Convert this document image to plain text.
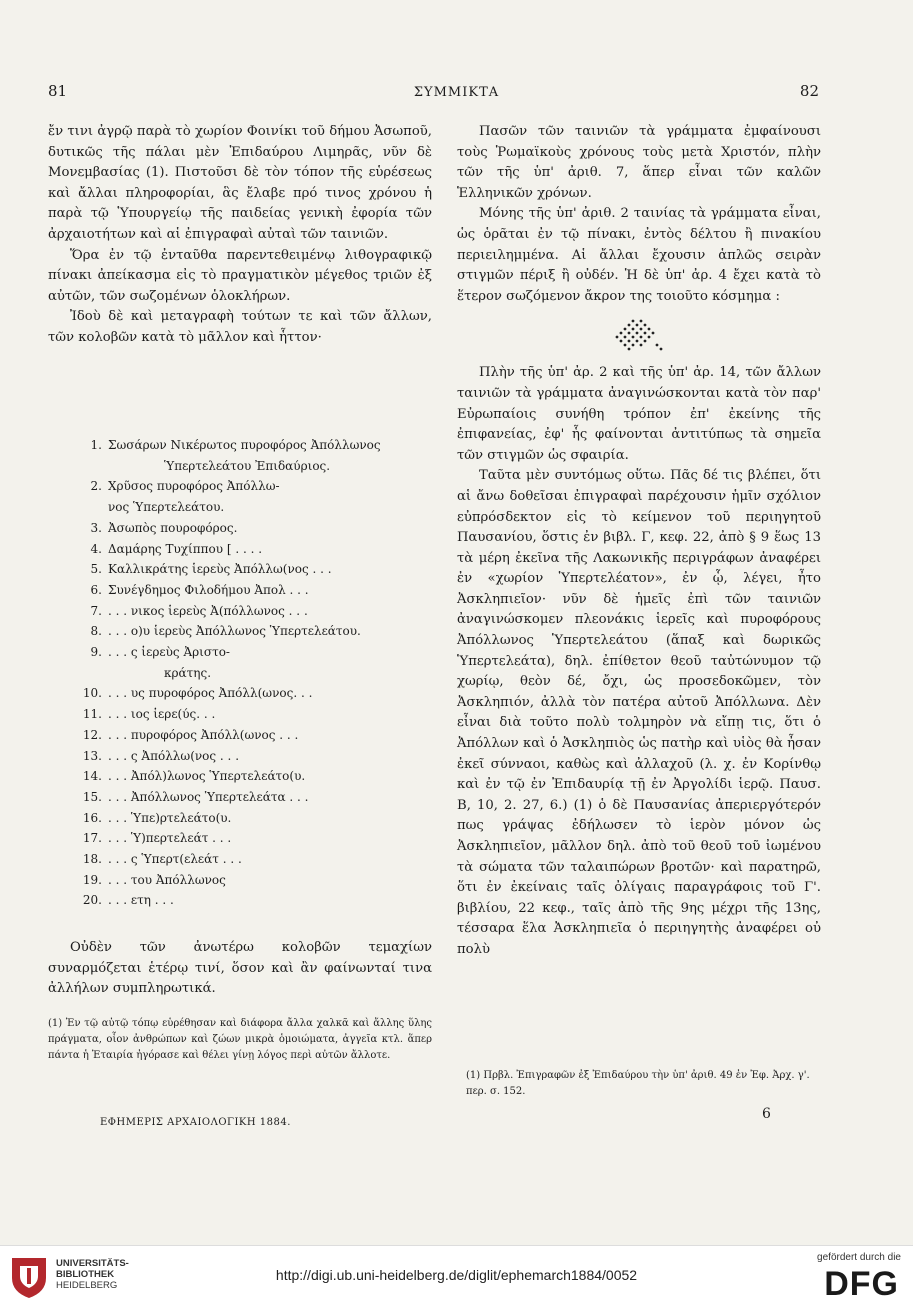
81	ΣΥΜΜΙΚΤΑ	82

ἔν τινι ἀγρῷ παρὰ τὸ χωρίον Φοινίκι τοῦ δήμου Ἀσωποῦ, δυτικῶς τῆς πάλαι μὲν Ἐπιδαύρου Λιμηρᾶς, νῦν δὲ Μονεμβασίας (1). Πιστοῦσι δὲ τὸν τόπον τῆς εὑρέσεως καὶ ἄλλαι πληροφορίαι, ἃς ἔλαβε πρό τινος χρόνου ἡ παρὰ τῷ Ὑπουργείῳ τῆς παιδείας γενικὴ ἐφορία τῶν ἀρχαιοτήτων καὶ αἱ ἐπιγραφαὶ αὐταὶ τῶν ταινιῶν.

Ὅρα ἐν τῷ ἐνταῦθα παρεντεθειμένῳ λιθογραφικῷ πίνακι ἀπείκασμα εἰς τὸ πραγματικὸν μέγεθος τριῶν ἐξ αὐτῶν, τῶν σωζομένων ὁλοκλήρων.

Ἰδοὺ δὲ καὶ μεταγραφὴ τούτων τε καὶ τῶν ἄλλων, τῶν κολοβῶν κατὰ τὸ μᾶλλον καὶ ἧττον·

1. Σωσάρων Νικέρωτος πυροφόρος Ἀπόλλωνος
Ὑπερτελεάτου Ἐπιδαύριος.
2. Χρῦσος πυροφόρος Ἀπόλλω-
νος Ὑπερτελεάτου.
3. Ἀσωπὸς πουροφόρος.
4. Δαμάρης Τυχίππου [ . . . .
5. Καλλικράτης ἱερεὺς Ἀπόλλω(νος . . .
6. Συνέγδημος Φιλοδήμου Ἀπολ . . .
7. . . . νικος ἱερεὺς Ἀ(πόλλωνος . . .
8. . . . ο)υ ἱερεὺς Ἀπόλλωνος Ὑπερτελεάτου.
9. . . . ς ἱερεὺς Ἀριστο-
κράτης.
10. . . . υς πυροφόρος Ἀπόλλ(ωνος. . .
11. . . . ιος ἱερε(ύς. . .
12. . . . πυροφόρος Ἀπόλλ(ωνος . . .
13. . . . ς Ἀπόλλω(νος . . .
14. . . . Ἀπόλ)λωνος Ὑπερτελεάτο(υ.
15. . . . Ἀπόλλωνος Ὑπερτελεάτα . . .
16. . . . Ὑπε)ρτελεάτο(υ.
17. . . . Ὑ)περτελεάτ . . .
18. . . . ς Ὑπερτ(ελεάτ . . .
19. . . . του Ἀπόλλωνος
20. . . . ετη . . .

Οὐδὲν τῶν ἀνωτέρω κολοβῶν τεμαχίων συναρμόζεται ἑτέρῳ τινί, ὅσον καὶ ἂν φαίνωνταί τινα ἀλλήλων συμπληρωτικά.

(1) Ἐν τῷ αὐτῷ τόπῳ εὑρέθησαν καὶ διάφορα ἄλλα χαλκᾶ καὶ ἄλλης ὕλης πράγματα, οἷον ἀνθρώπων καὶ ζώων μικρὰ ὁμοιώματα, ἀγγεῖα κτλ. ἅπερ πάντα ἡ Ἑταιρία ἠγόρασε καὶ θέλει γίνῃ λόγος περὶ αὐτῶν ἄλλοτε.
ΕΦΗΜΕΡΙΣ ΑΡΧΑΙΟΛΟΓΙΚΗ 1884.

Πασῶν τῶν ταινιῶν τὰ γράμματα ἐμφαίνουσι τοὺς Ῥωμαϊκοὺς χρόνους τοὺς μετὰ Χριστόν, πλὴν τῶν τῆς ὑπ' ἀριθ. 7, ἅπερ εἶναι τῶν καλῶν Ἑλληνικῶν χρόνων.

Μόνης τῆς ὑπ' ἀριθ. 2 ταινίας τὰ γράμματα εἶναι, ὡς ὁρᾶται ἐν τῷ πίνακι, ἐντὸς δέλτου ἢ πινακίου περιειλημμένα. Αἱ ἄλλαι ἔχουσιν ἁπλῶς σειρὰν στιγμῶν πέριξ ἢ οὐδέν. Ἡ δὲ ὑπ' ἀρ. 4 ἔχει κατὰ τὸ ἕτερον σωζόμενον ἄκρον της τοιοῦτο κόσμημα :

Πλὴν τῆς ὑπ' ἀρ. 2 καὶ τῆς ὑπ' ἀρ. 14, τῶν ἄλλων ταινιῶν τὰ γράμματα ἀναγινώσκονται κατὰ τὸν παρ' Εὐρωπαίοις συνήθη τρόπον ἐπ' ἐκείνης τῆς ἐπιφανείας, ἐφ' ἧς φαίνονται ἀντιτύπως τὰ σημεῖα τῶν στιγμῶν ὡς σφαιρία.

Ταῦτα μὲν συντόμως οὕτω. Πᾶς δέ τις βλέπει, ὅτι αἱ ἄνω δοθεῖσαι ἐπιγραφαὶ παρέχουσιν ἡμῖν σχόλιον εὐπρόσδεκτον εἰς τὸ κείμενον τοῦ περιηγητοῦ Παυσανίου, ὅστις ἐν βιβλ. Γ, κεφ. 22, ἀπὸ § 9 ἕως 13 τὰ μέρη ἐκεῖνα τῆς Λακωνικῆς περιγράφων ἀναφέρει ἐν «χωρίον Ὑπερτελέατον», ἐν ᾧ, λέγει, ἦτο Ἀσκληπιεῖον· νῦν δὲ ἡμεῖς ἐπὶ τῶν ταινιῶν ἀναγινώσκομεν πλεονάκις ἱερεῖς καὶ πυροφόρους Ἀπόλλωνος Ὑπερτελεάτου (ἅπαξ καὶ δωρικῶς Ὑπερτελεάτα), δηλ. ἐπίθετον θεοῦ ταὐτώνυμον τῷ χωρίῳ, θεὸν δέ, ὄχι, ὡς προσεδοκῶμεν, τὸν Ἀσκληπιόν, ἀλλὰ τὸν πατέρα αὐτοῦ Ἀπόλλωνα. Δὲν εἶναι διὰ τοῦτο πολὺ τολμηρὸν νὰ εἴπῃ τις, ὅτι ὁ Ἀπόλλων καὶ ὁ Ἀσκληπιὸς ὡς πατὴρ καὶ υἱὸς θὰ ἦσαν ἐκεῖ σύνναοι, καθὼς καὶ ἀλλαχοῦ (λ. χ. ἐν Κορίνθῳ καὶ ἐν τῷ ἐν Ἐπιδαυρίᾳ τῇ ἐν Ἀργολίδι ἱερῷ. Παυσ. Β, 10, 2. 27, 6.) (1) ὁ δὲ Παυσανίας ἀπεριεργότερόν πως γράψας ἐδήλωσεν τὸ ἱερὸν μόνον ὡς Ἀσκληπιεῖον, μᾶλλον δηλ. ἀπὸ τοῦ θεοῦ τοῦ ἰωμένου τὰ σώματα τῶν ταλαιπώρων βροτῶν· καὶ παρατηρῶ, ὅτι ἐν ἐκείναις ταῖς ὀλίγαις παραγράφοις τοῦ Γ'. βιβλίου, 22 κεφ., ταῖς ἀπὸ τῆς 9ης μέχρι τῆς 13ης, τέσσαρα ἕλα Ἀσκληπιεῖα ὁ περιηγητὴς ἀναφέρει οὐ πολὺ

(1) Πρβλ. Ἐπιγραφῶν ἐξ Ἐπιδαύρου τὴν ὑπ' ἀριθ. 49 ἐν Ἐφ. Ἀρχ. γ'. περ. σ. 152.
6
UNIVERSITÄTS-
BIBLIOTHEK
HEIDELBERG
http://digi.ub.uni-heidelberg.de/diglit/ephemarch1884/0052
gefördert durch die
DFG
